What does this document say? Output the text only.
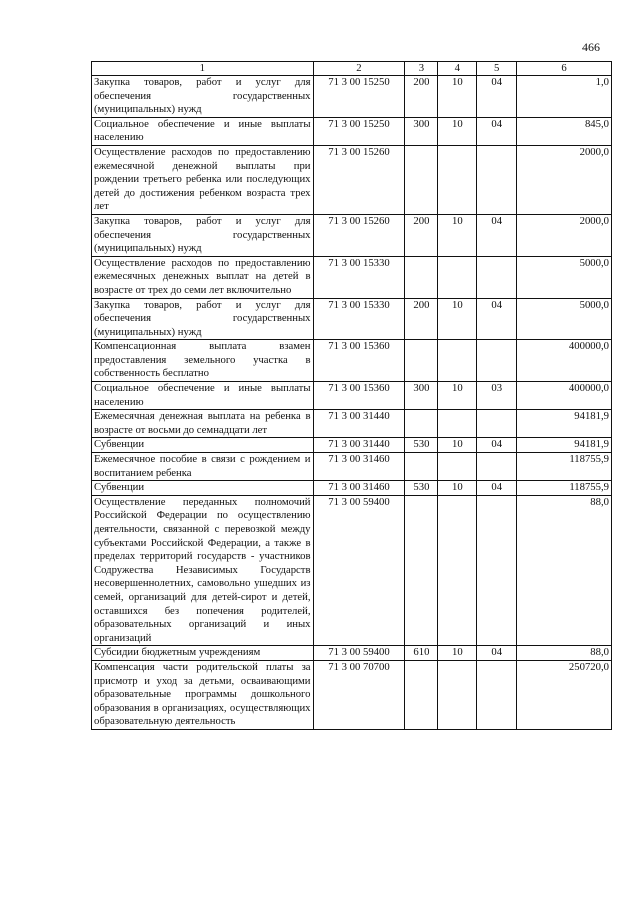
466
1	2	3	4	5	6
Закупка товаров, работ и услуг для обеспечения государственных (муниципальных) нужд	71 3 00 15250	200	10	04	1,0
Социальное обеспечение и иные выплаты населению	71 3 00 15250	300	10	04	845,0
Осуществление расходов по предоставлению ежемесячной денежной выплаты при рождении третьего ребенка или последующих детей до достижения ребенком возраста трех лет	71 3 00 15260				2000,0
Закупка товаров, работ и услуг для обеспечения государственных (муниципальных) нужд	71 3 00 15260	200	10	04	2000,0
Осуществление расходов по предоставлению ежемесячных денежных выплат на детей в возрасте от трех до семи лет включительно	71 3 00 15330				5000,0
Закупка товаров, работ и услуг для обеспечения государственных (муниципальных) нужд	71 3 00 15330	200	10	04	5000,0
Компенсационная выплата взамен предоставления земельного участка в собственность бесплатно	71 3 00 15360				400000,0
Социальное обеспечение и иные выплаты населению	71 3 00 15360	300	10	03	400000,0
Ежемесячная денежная выплата на ребенка в возрасте от восьми до семнадцати лет	71 3 00 31440				94181,9
Субвенции	71 3 00 31440	530	10	04	94181,9
Ежемесячное пособие в связи с рождением и воспитанием ребенка	71 3 00 31460				118755,9
Субвенции	71 3 00 31460	530	10	04	118755,9
Осуществление переданных полномочий Российской Федерации по осуществлению деятельности, связанной с перевозкой между субъектами Российской Федерации, а также в пределах территорий государств - участников Содружества Независимых Государств несовершеннолетних, самовольно ушедших из семей, организаций для детей-сирот и детей, оставшихся без попечения родителей, образовательных организаций и иных организаций	71 3 00 59400				88,0
Субсидии бюджетным учреждениям	71 3 00 59400	610	10	04	88,0
Компенсация части родительской платы за присмотр и уход за детьми, осваивающими образовательные программы дошкольного образования в организациях, осуществляющих образовательную деятельность	71 3 00 70700				250720,0
